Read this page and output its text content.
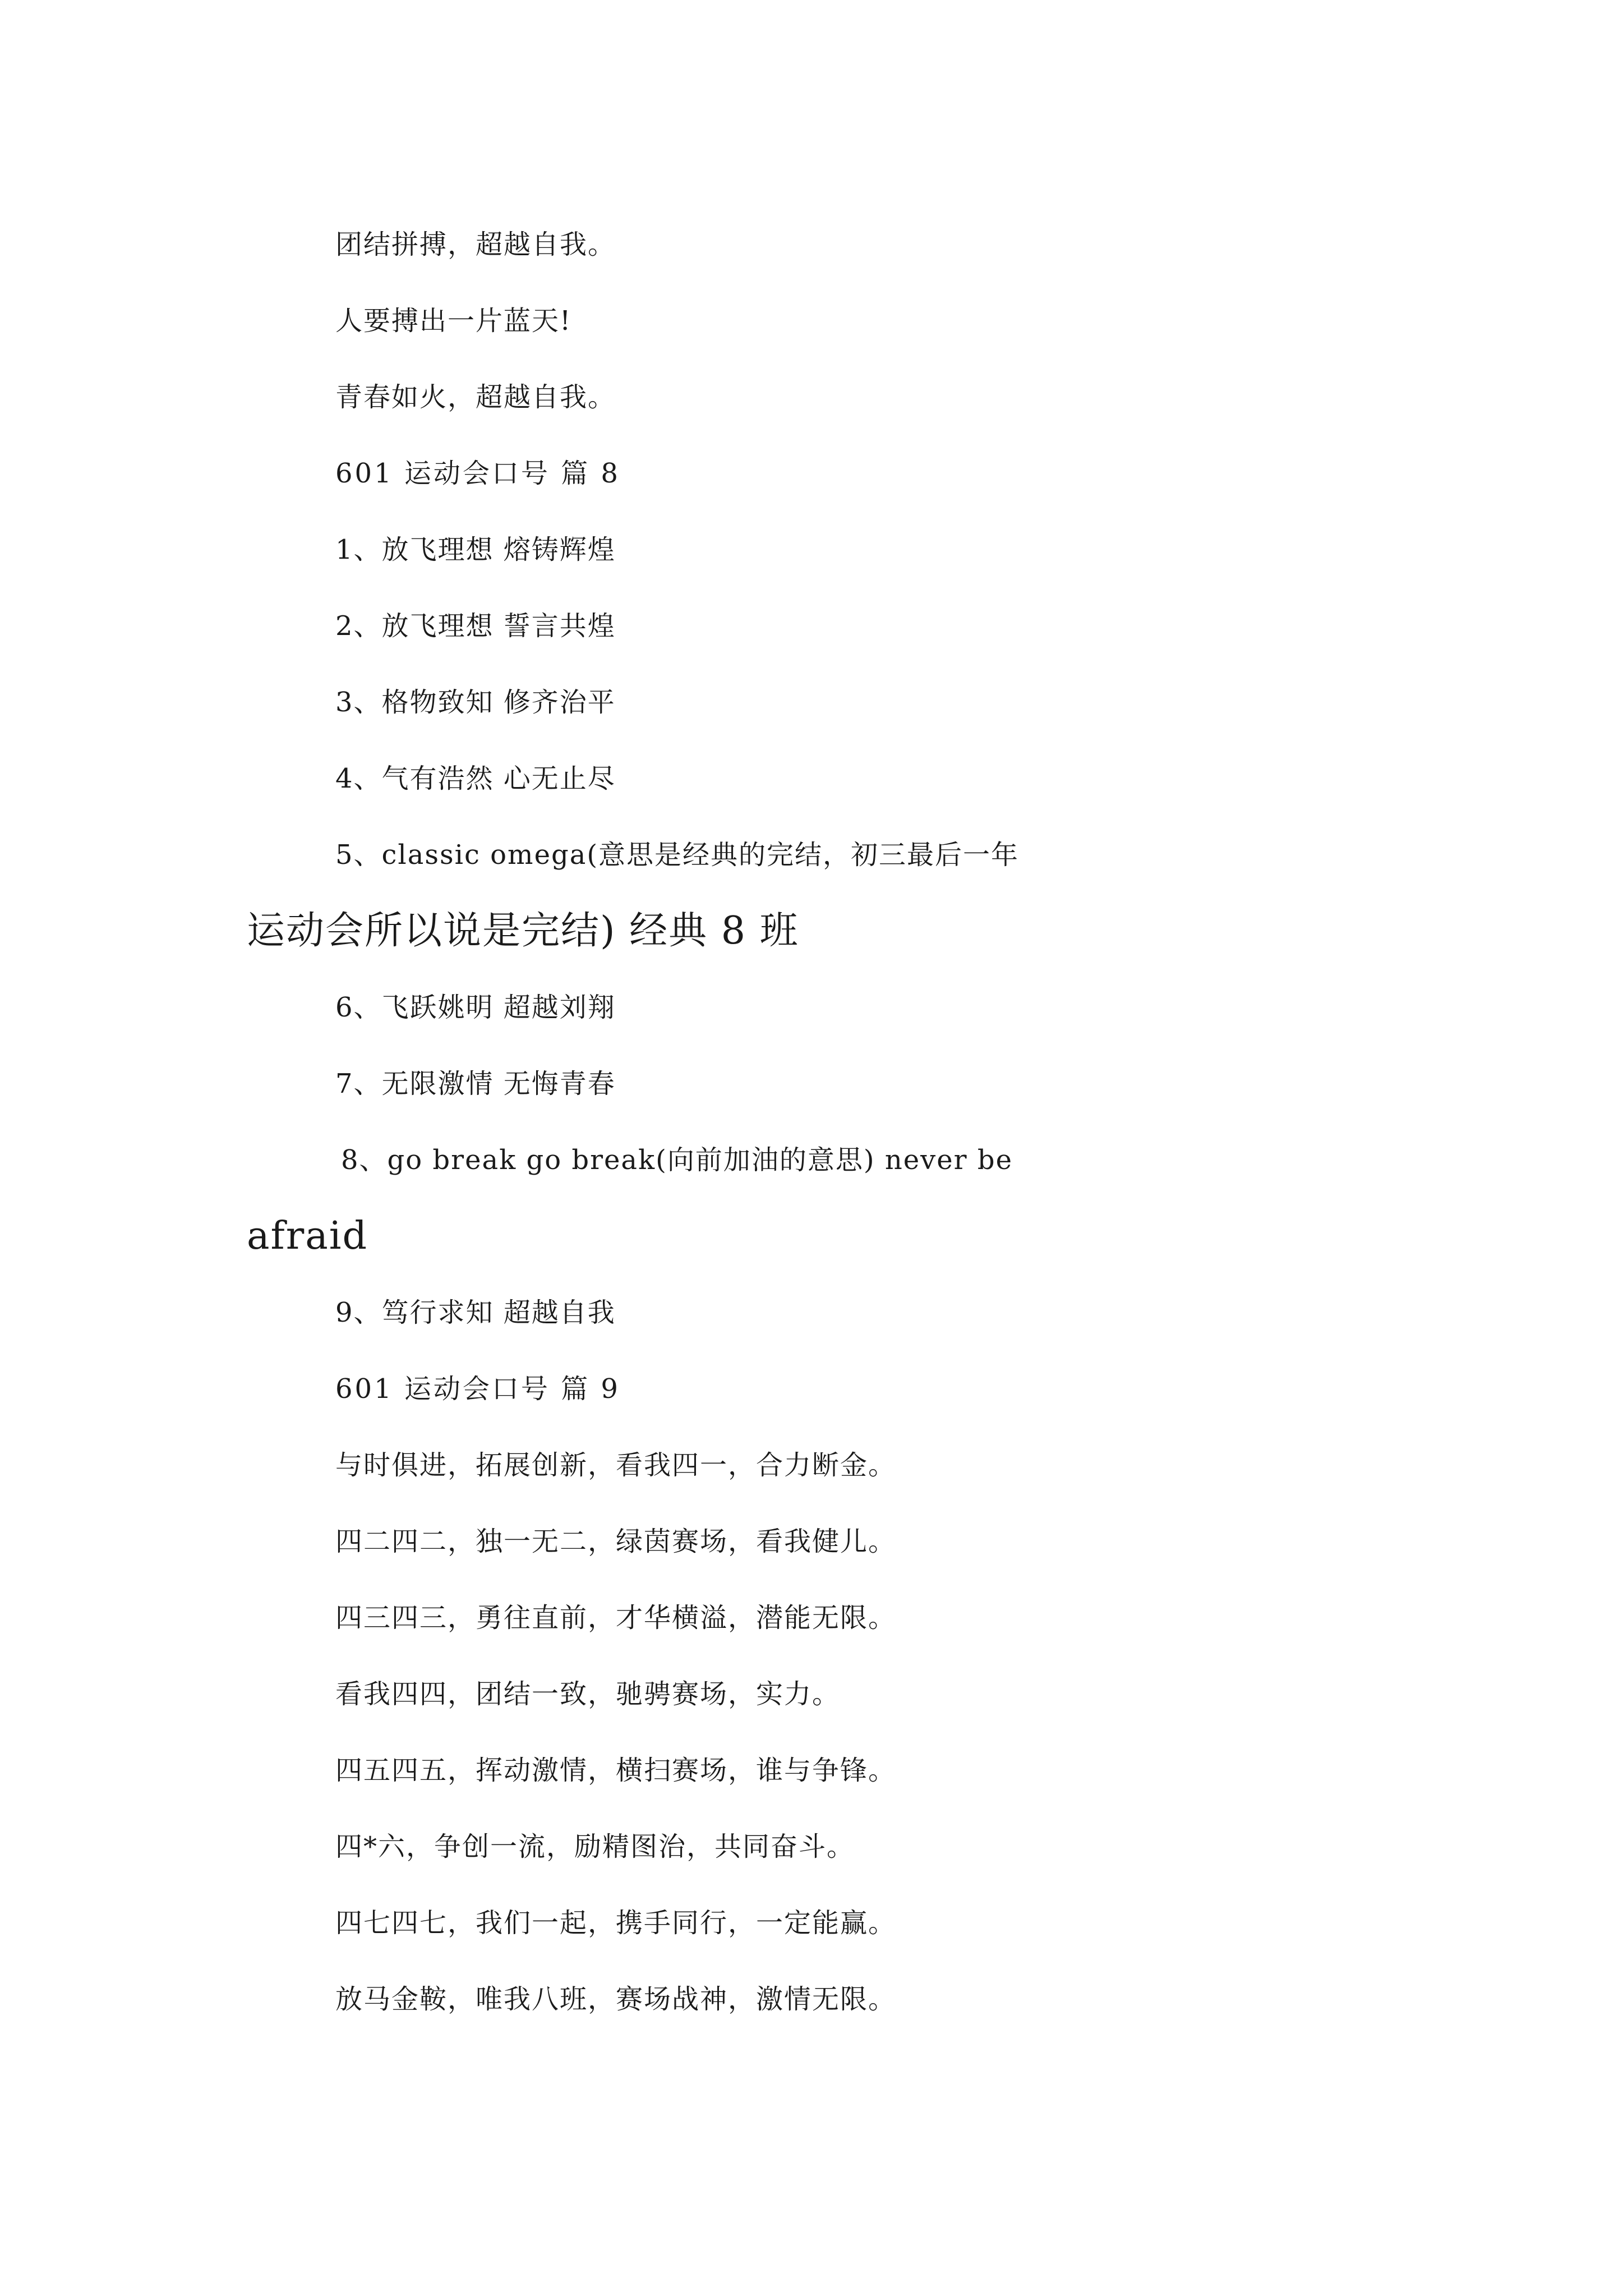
团结拼搏，超越自我。
人要搏出一片蓝天!
青春如火，超越自我。
601 运动会口号 篇 8
1、放飞理想 熔铸辉煌
2、放飞理想 誓言共煌
3、格物致知 修齐治平
4、气有浩然 心无止尽
5、classic omega(意思是经典的完结，初三最后一年
运动会所以说是完结) 经典 8 班
6、飞跃姚明 超越刘翔
7、无限激情 无悔青春
8、go break go break(向前加油的意思) never be
afraid
9、笃行求知 超越自我
601 运动会口号 篇 9
与时俱进，拓展创新，看我四一，合力断金。
四二四二，独一无二，绿茵赛场，看我健儿。
四三四三，勇往直前，才华横溢，潜能无限。
看我四四，团结一致，驰骋赛场，实力。
四五四五，挥动激情，横扫赛场，谁与争锋。
四*六，争创一流，励精图治，共同奋斗。
四七四七，我们一起，携手同行，一定能赢。
放马金鞍，唯我八班，赛场战神，激情无限。
